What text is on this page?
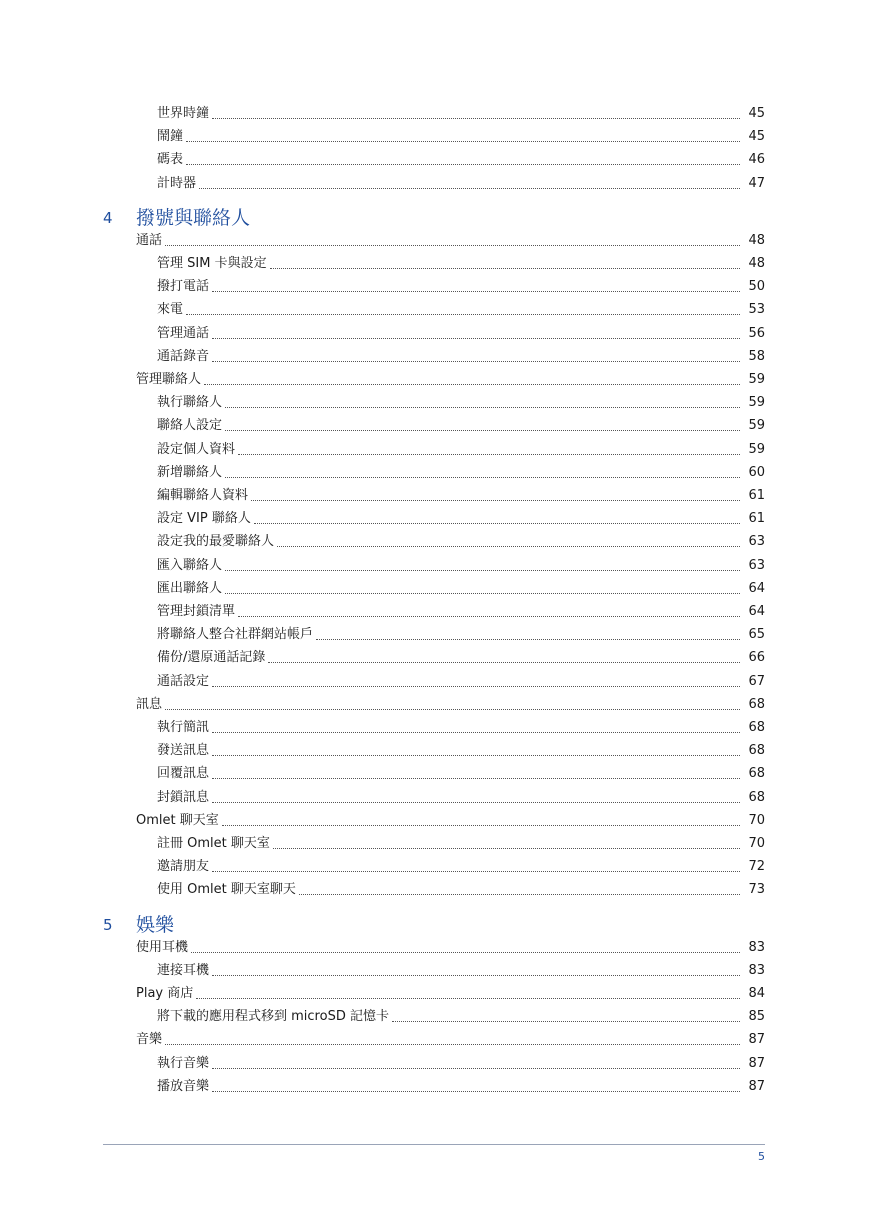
世界時鐘	45
鬧鐘	45
碼表	46
計時器	47
4	撥號與聯絡人
通話	48
管理 SIM 卡與設定	48
撥打電話	50
來電	53
管理通話	56
通話錄音	58
管理聯絡人	59
執行聯絡人	59
聯絡人設定	59
設定個人資料	59
新增聯絡人	60
編輯聯絡人資料	61
設定 VIP 聯絡人	61
設定我的最愛聯絡人	63
匯入聯絡人	63
匯出聯絡人	64
管理封鎖清單	64
將聯絡人整合社群網站帳戶	65
備份/還原通話記錄	66
通話設定	67
訊息	68
執行簡訊	68
發送訊息	68
回覆訊息	68
封鎖訊息	68
Omlet 聊天室	70
註冊 Omlet 聊天室	70
邀請朋友	72
使用 Omlet 聊天室聊天	73
5	娛樂
使用耳機	83
連接耳機	83
Play 商店	84
將下載的應用程式移到 microSD 記憶卡	85
音樂	87
執行音樂	87
播放音樂	87
5
